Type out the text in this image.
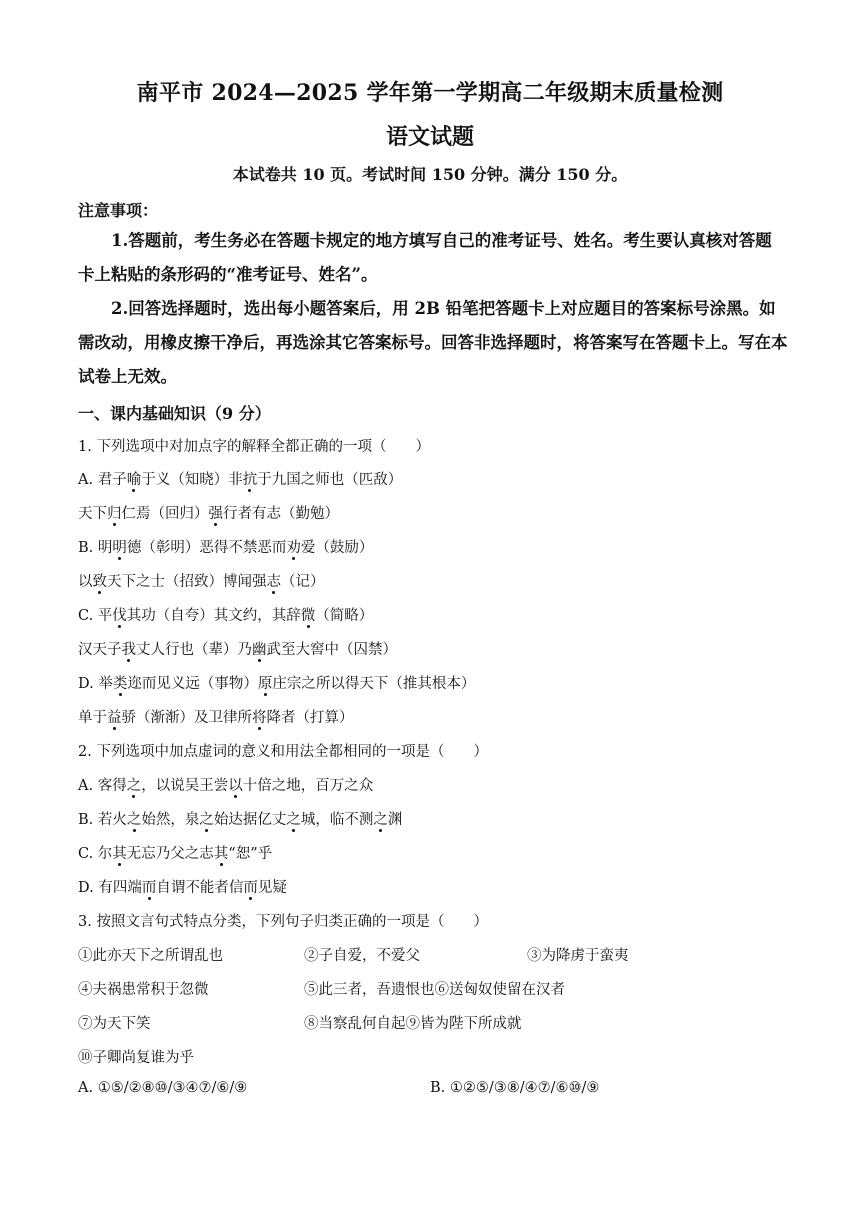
南平市 2024—2025 学年第一学期高二年级期末质量检测
语文试题
本试卷共 10 页。考试时间 150 分钟。满分 150 分。
注意事项：

1.答题前，考生务必在答题卡规定的地方填写自己的准考证号、姓名。考生要认真核对答题卡上粘贴的条形码的“准考证号、姓名”。

2.回答选择题时，选出每小题答案后，用 2B 铅笔把答题卡上对应题目的答案标号涂黑。如需改动，用橡皮擦干净后，再选涂其它答案标号。回答非选择题时，将答案写在答题卡上。写在本试卷上无效。

一、课内基础知识（9 分）
1. 下列选项中对加点字的解释全都正确的一项（　　）
A. 君子喻于义（知晓）非抗于九国之师也（匹敌）
天下归仁焉（回归）强行者有志（勤勉）
B. 明明德（彰明）恶得不禁恶而劝爱（鼓励）
以致天下之士（招致）博闻强志（记）
C. 平伐其功（自夸）其文约，其辞微（简略）
汉天子我丈人行也（辈）乃幽武至大窖中（囚禁）
D. 举类迩而见义远（事物）原庄宗之所以得天下（推其根本）
单于益骄（渐渐）及卫律所将降者（打算）
2. 下列选项中加点虚词的意义和用法全都相同的一项是（　　）
A. 客得之，以说吴王尝以十倍之地，百万之众
B. 若火之始然，泉之始达据亿丈之城，临不测之渊
C. 尔其无忘乃父之志其“恕”乎
D. 有四端而自谓不能者信而见疑
3. 按照文言句式特点分类，下列句子归类正确的一项是（　　）
①此亦天下之所谓乱也	②子自爱，不爱父	③为降虏于蛮夷
④夫祸患常积于忽微	⑤此三者，吾遗恨也⑥送匈奴使留在汉者
⑦为天下笑	⑧当察乱何自起⑨皆为陛下所成就
⑩子卿尚复谁为乎
A. ①⑤/②⑧⑩/③④⑦/⑥/⑨	B. ①②⑤/③⑧/④⑦/⑥⑩/⑨
